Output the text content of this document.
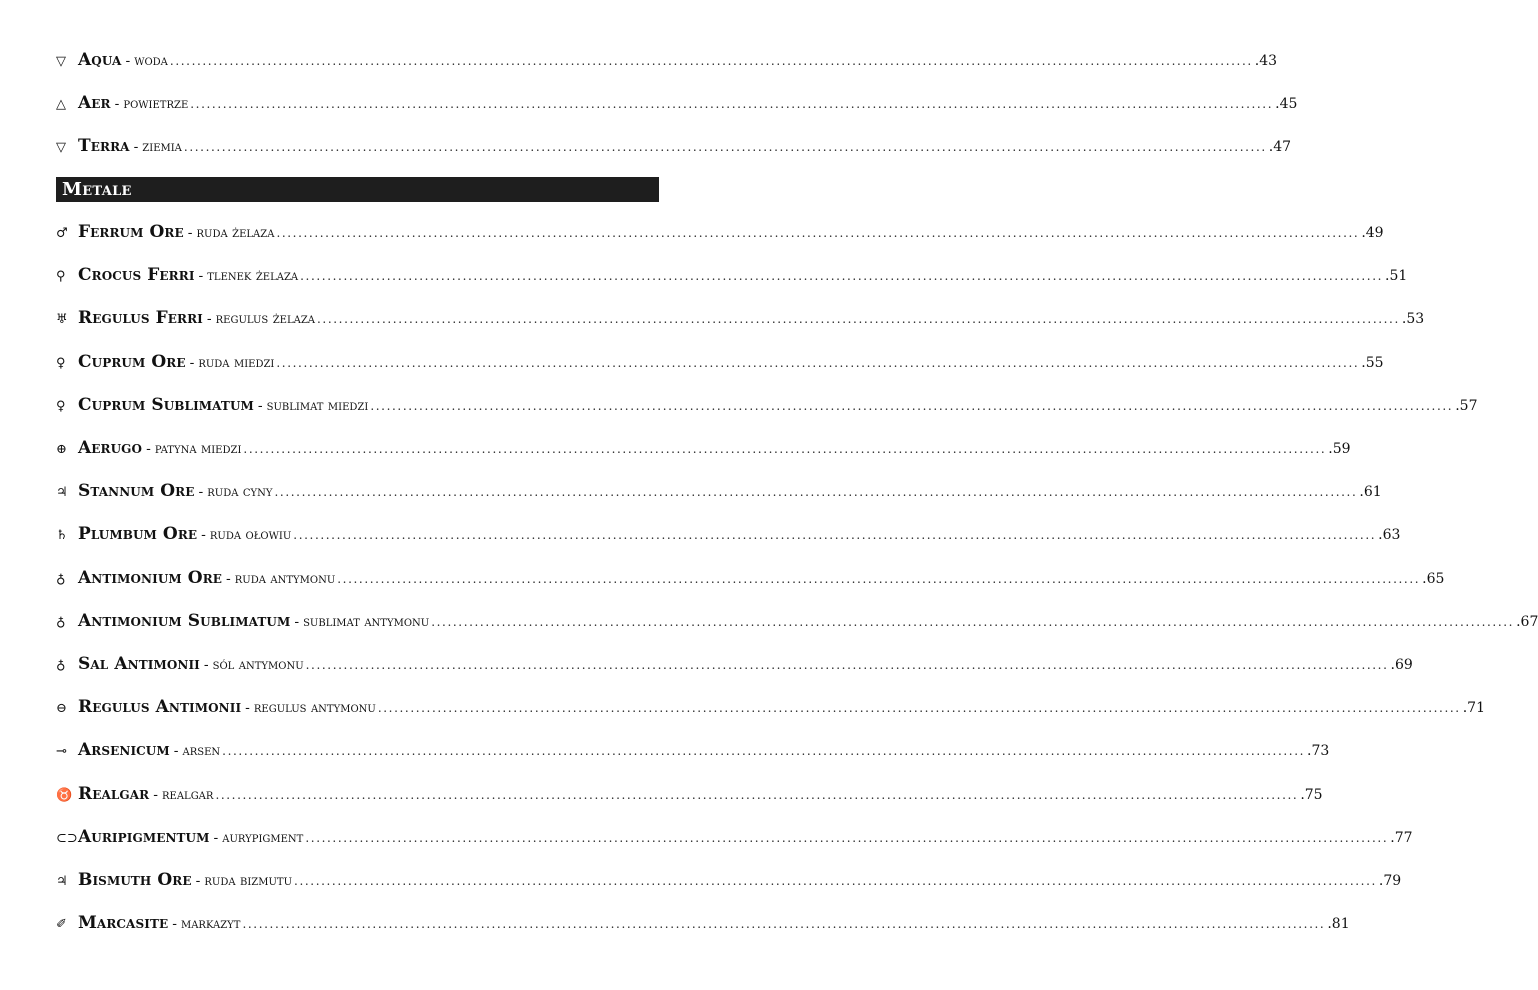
▽ Aqua - woda ........................................................................................................................................................................................................ .43
△ Aer - powietrze ........................................................................................................................................................................................................ .45
▽ Terra - ziemia ........................................................................................................................................................................................................ .47
Metale
♂ Ferrum Ore - ruda żelaza ........................................................................................................................................................................................................ .49
⚲ Crocus Ferri - tlenek żelaza ........................................................................................................................................................................................................ .51
♅ Regulus Ferri - regulus żelaza ........................................................................................................................................................................................................ .53
♀ Cuprum Ore - ruda miedzi ........................................................................................................................................................................................................ .55
♀ Cuprum Sublimatum - sublimat miedzi ........................................................................................................................................................................................................ .57
⊕ Aerugo - patyna miedzi ........................................................................................................................................................................................................ .59
♃ Stannum Ore - ruda cyny ........................................................................................................................................................................................................ .61
♄ Plumbum Ore - ruda ołowiu ........................................................................................................................................................................................................ .63
♁ Antimonium Ore - ruda antymonu ........................................................................................................................................................................................................ .65
♁ Antimonium Sublimatum - sublimat antymonu ........................................................................................................................................................................................................ .67
♁ Sal Antimonii - sól antymonu ........................................................................................................................................................................................................ .69
⊖ Regulus Antimonii - regulus antymonu ........................................................................................................................................................................................................ .71
⊸ Arsenicum - arsen ........................................................................................................................................................................................................ .73
♉ Realgar - realgar ........................................................................................................................................................................................................ .75
⊂⊃ Auripigmentum - aurypigment ........................................................................................................................................................................................................ .77
♃ Bismuth Ore - ruda bizmutu ........................................................................................................................................................................................................ .79
✐ Marcasite - markazyt ........................................................................................................................................................................................................ .81
